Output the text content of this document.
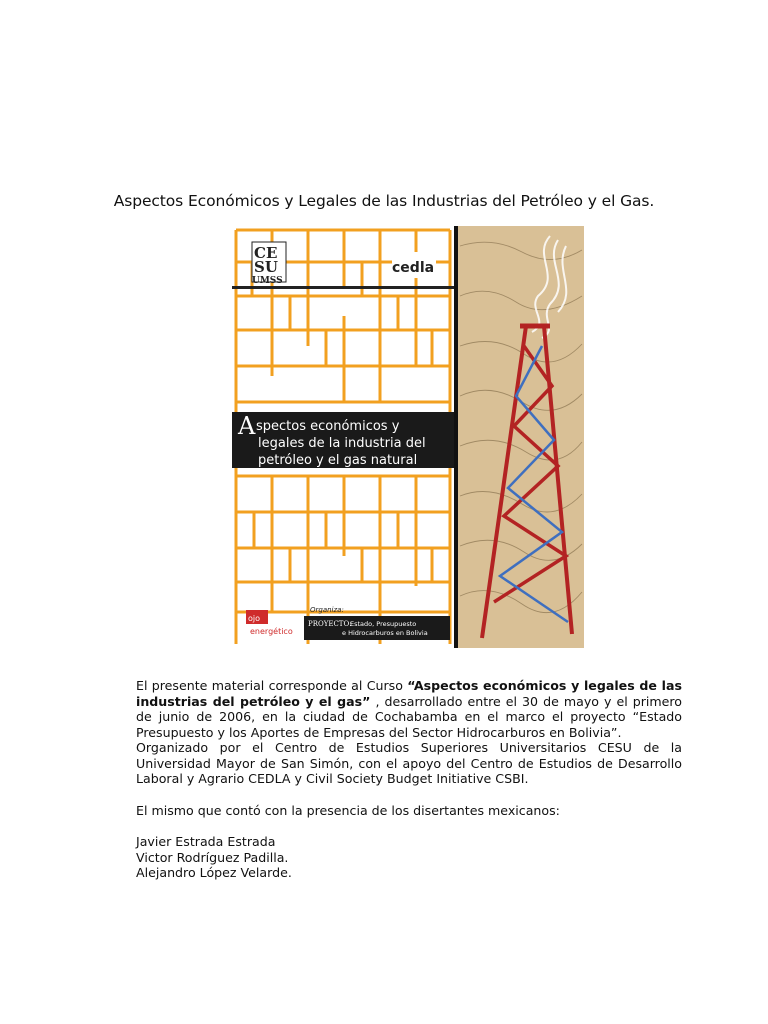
Aspectos Económicos y Legales de las Industrias del Petróleo y el Gas.
CE
SU
UMSS
cedla
A spectos económicos y
legales de la industria del
petróleo y el gas natural
ojo
energético
Organiza:
PROYECTO:
Estado, Presupuesto
e Hidrocarburos en Bolivia

El presente material corresponde al Curso “Aspectos económicos y legales de las industrias del petróleo y el gas” , desarrollado entre el 30 de mayo y el primero de junio de 2006, en la ciudad de Cochabamba en el marco el proyecto “Estado Presupuesto y los Aportes de Empresas del Sector Hidrocarburos en Bolivia”.

Organizado por el Centro de Estudios Superiores Universitarios CESU de la Universidad Mayor de San Simón, con el apoyo del Centro de Estudios de Desarrollo Laboral y Agrario CEDLA y Civil Society Budget Initiative CSBI.

El mismo que contó con la presencia de los disertantes mexicanos:

Javier Estrada Estrada

Victor Rodríguez Padilla.

Alejandro López Velarde.
